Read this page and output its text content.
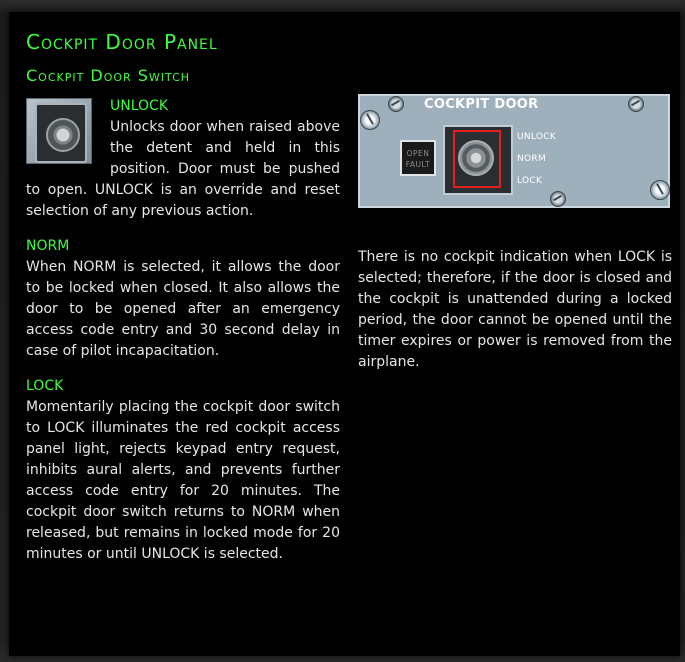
Cockpit Door Panel
Cockpit Door Switch

UNLOCK
Unlocks door when raised above the detent and held in this position. Door must be pushed to open. UNLOCK is an override and reset selection of any previous action.

NORM
When NORM is selected, it allows the door to be locked when closed. It also allows the door to be opened after an emergency access code entry and 30 second delay in case of pilot incapacitation.

LOCK
Momentarily placing the cockpit door switch to LOCK illuminates the red cockpit access panel light, rejects keypad entry request, inhibits aural alerts, and prevents further access code entry for 20 minutes. The cockpit door switch returns to NORM when released, but remains in locked mode for 20 minutes or until UNLOCK is selected.

COCKPIT DOOR
OPEN
FAULT
UNLOCK
NORM
LOCK

There is no cockpit indication when LOCK is selected; therefore, if the door is closed and the cockpit is unattended during a locked period, the door cannot be opened until the timer expires or power is removed from the airplane.
